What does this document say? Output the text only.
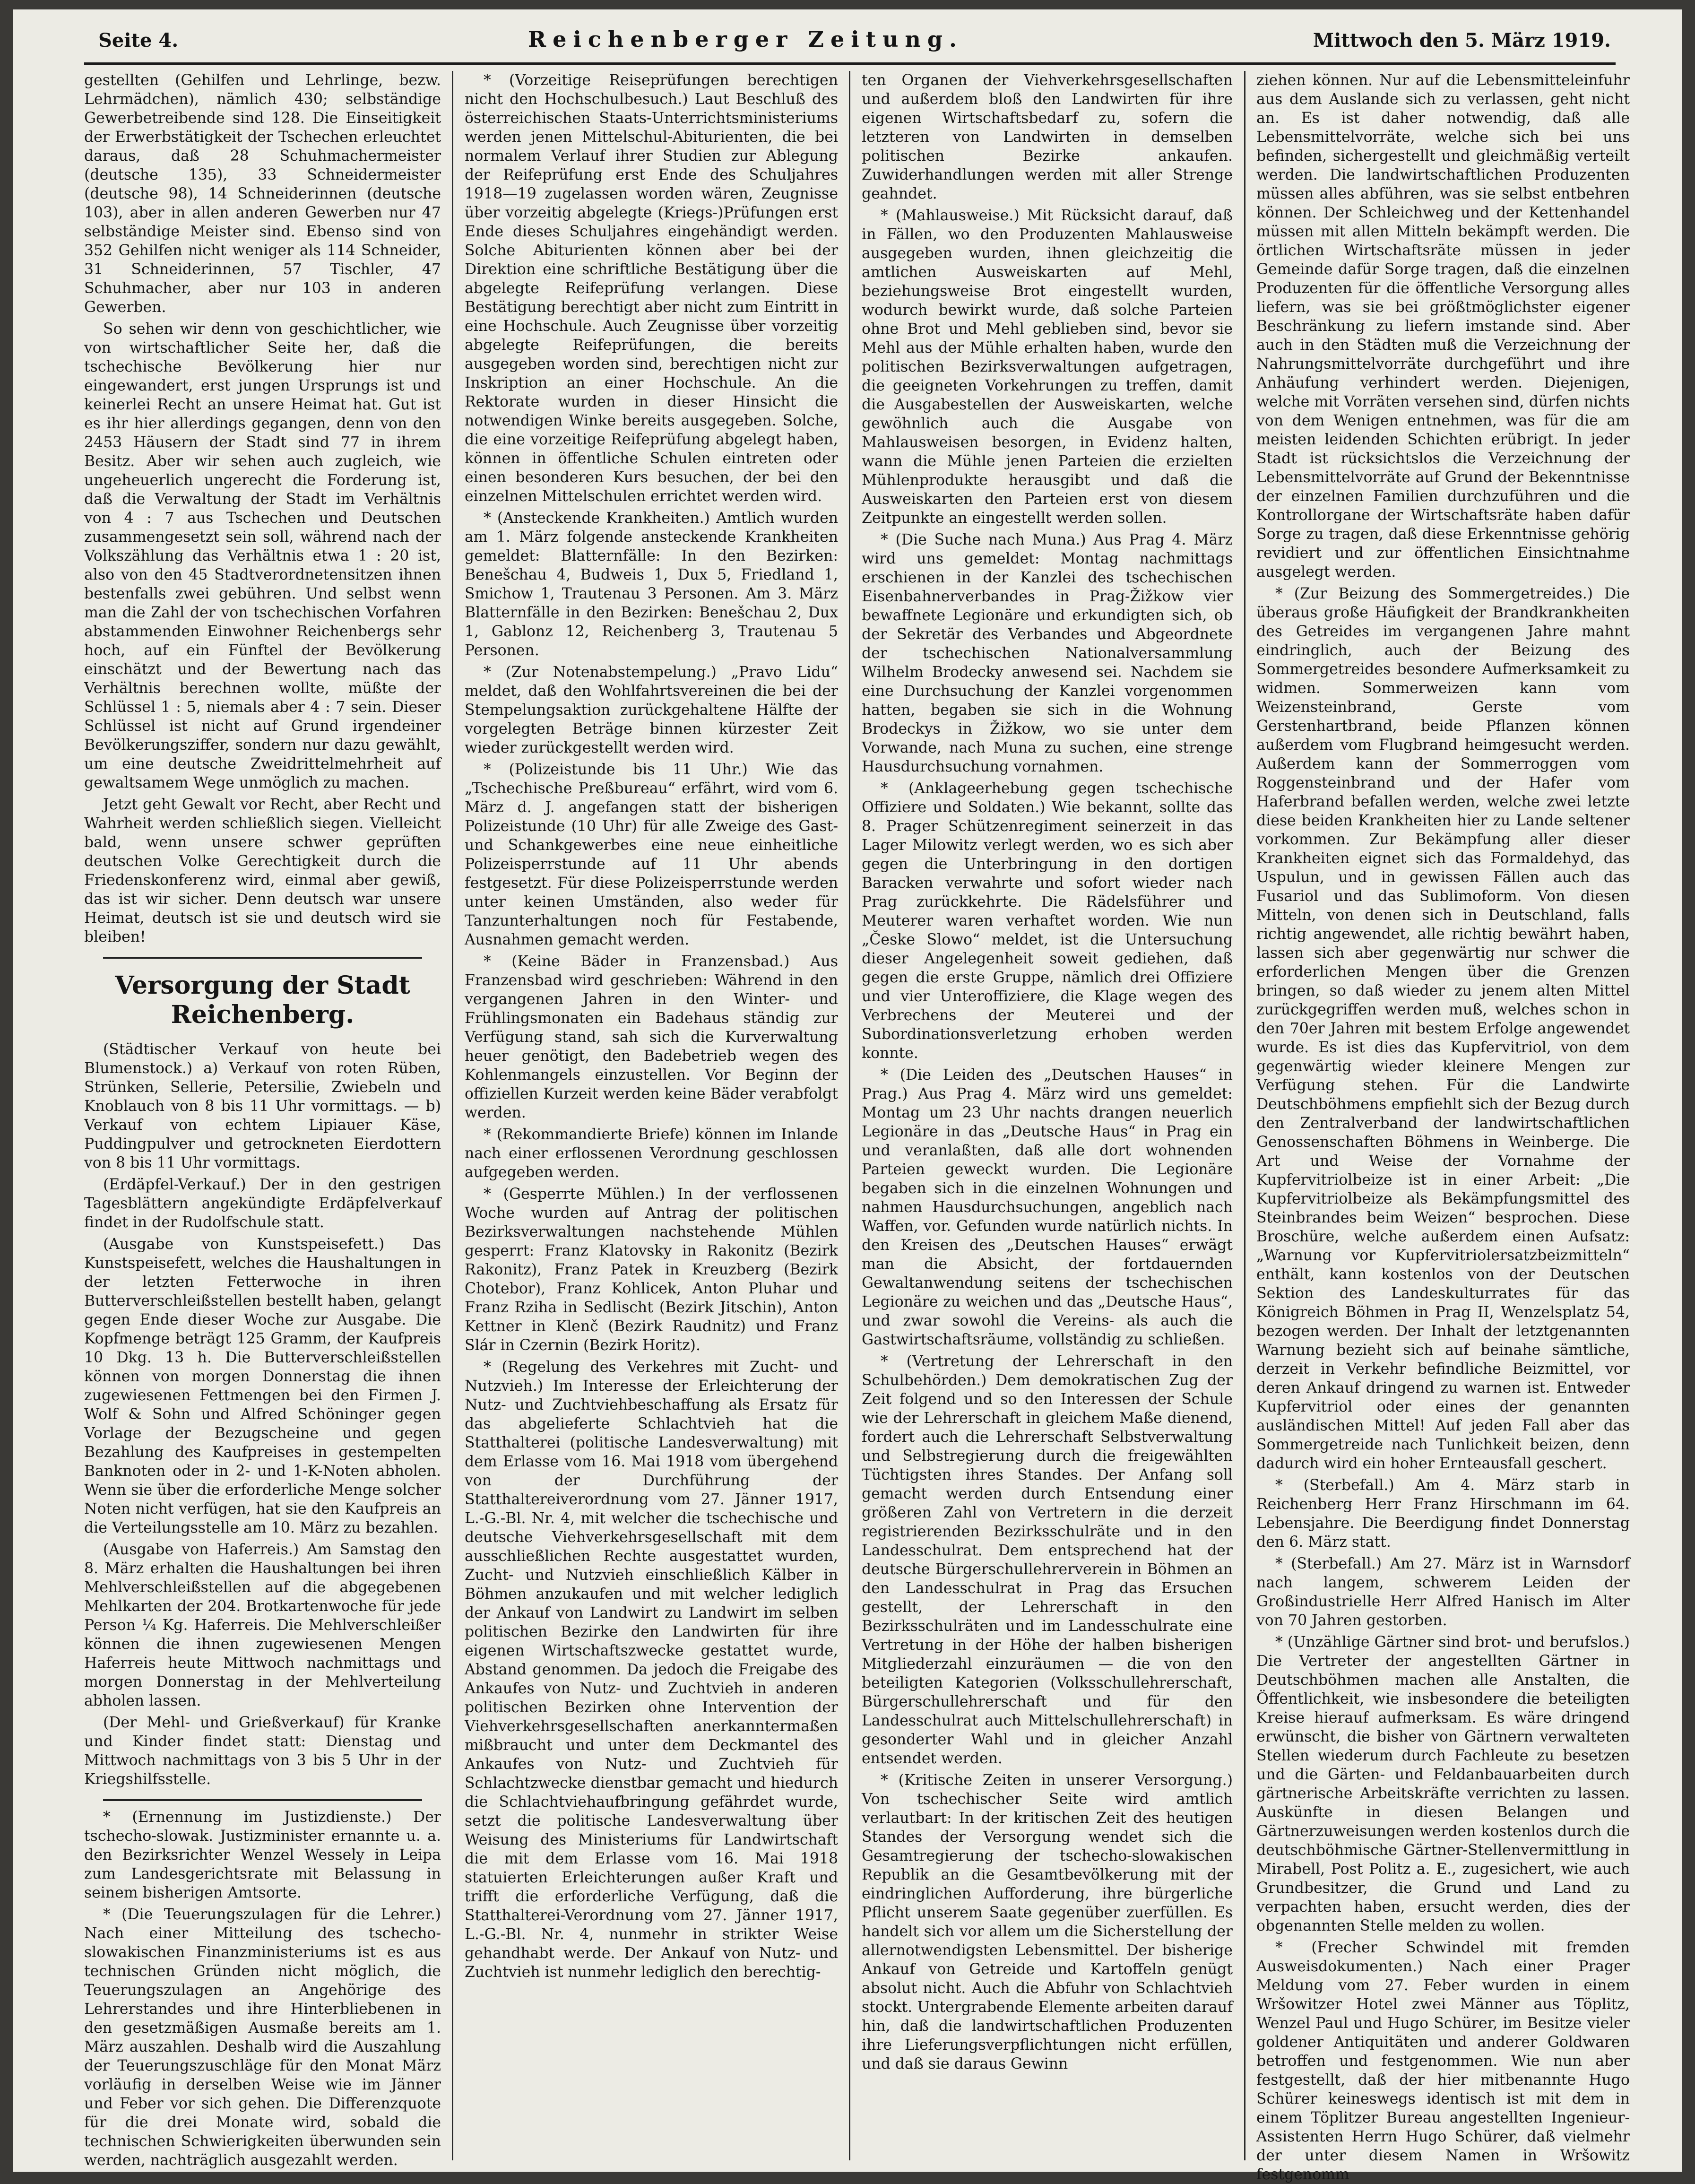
Seite 4.	Reichenberger Zeitung.	Mittwoch den 5. März 1919.

gestellten (Gehilfen und Lehrlinge, bezw. Lehrmädchen), nämlich 430; selbständige Gewerbetreibende sind 128. Die Einseitigkeit der Erwerbstätigkeit der Tschechen erleuchtet daraus, daß 28 Schuhmachermeister (deutsche 135), 33 Schneidermeister (deutsche 98), 14 Schneiderinnen (deutsche 103), aber in allen anderen Gewerben nur 47 selbständige Meister sind. Ebenso sind von 352 Gehilfen nicht weniger als 114 Schneider, 31 Schneiderinnen, 57 Tischler, 47 Schuhmacher, aber nur 103 in anderen Gewerben.

So sehen wir denn von geschichtlicher, wie von wirtschaftlicher Seite her, daß die tschechische Bevölkerung hier nur eingewandert, erst jungen Ursprungs ist und keinerlei Recht an unsere Heimat hat. Gut ist es ihr hier allerdings gegangen, denn von den 2453 Häusern der Stadt sind 77 in ihrem Besitz. Aber wir sehen auch zugleich, wie ungeheuerlich ungerecht die Forderung ist, daß die Verwaltung der Stadt im Verhältnis von 4 : 7 aus Tschechen und Deutschen zusammengesetzt sein soll, während nach der Volkszählung das Verhältnis etwa 1 : 20 ist, also von den 45 Stadtverordnetensitzen ihnen bestenfalls zwei gebühren. Und selbst wenn man die Zahl der von tschechischen Vorfahren abstammenden Einwohner Reichenbergs sehr hoch, auf ein Fünftel der Bevölkerung einschätzt und der Bewertung nach das Verhältnis berechnen wollte, müßte der Schlüssel 1 : 5, niemals aber 4 : 7 sein. Dieser Schlüssel ist nicht auf Grund irgendeiner Bevölkerungsziffer, sondern nur dazu gewählt, um eine deutsche Zweidrittelmehrheit auf gewaltsamem Wege unmöglich zu machen.

Jetzt geht Gewalt vor Recht, aber Recht und Wahrheit werden schließlich siegen. Vielleicht bald, wenn unsere schwer geprüften deutschen Volke Gerechtigkeit durch die Friedenskonferenz wird, einmal aber gewiß, das ist wir sicher. Denn deutsch war unsere Heimat, deutsch ist sie und deutsch wird sie bleiben!

Versorgung der Stadt Reichenberg.

(Städtischer Verkauf von heute bei Blumenstock.) a) Verkauf von roten Rüben, Strünken, Sellerie, Petersilie, Zwiebeln und Knoblauch von 8 bis 11 Uhr vormittags. — b) Verkauf von echtem Lipiauer Käse, Puddingpulver und getrockneten Eierdottern von 8 bis 11 Uhr vormittags.

(Erdäpfel-Verkauf.) Der in den gestrigen Tagesblättern angekündigte Erdäpfelverkauf findet in der Rudolfschule statt.

(Ausgabe von Kunstspeisefett.) Das Kunstspeisefett, welches die Haushaltungen in der letzten Fetterwoche in ihren Butterverschleißstellen bestellt haben, gelangt gegen Ende dieser Woche zur Ausgabe. Die Kopfmenge beträgt 125 Gramm, der Kaufpreis 10 Dkg. 13 h. Die Butterverschleißstellen können von morgen Donnerstag die ihnen zugewiesenen Fettmengen bei den Firmen J. Wolf & Sohn und Alfred Schöninger gegen Vorlage der Bezugscheine und gegen Bezahlung des Kaufpreises in gestempelten Banknoten oder in 2- und 1-K-Noten abholen. Wenn sie über die erforderliche Menge solcher Noten nicht verfügen, hat sie den Kaufpreis an die Verteilungsstelle am 10. März zu bezahlen.

(Ausgabe von Haferreis.) Am Samstag den 8. März erhalten die Haushaltungen bei ihren Mehlverschleißstellen auf die abgegebenen Mehlkarten der 204. Brotkartenwoche für jede Person ¼ Kg. Haferreis. Die Mehlverschleißer können die ihnen zugewiesenen Mengen Haferreis heute Mittwoch nachmittags und morgen Donnerstag in der Mehlverteilung abholen lassen.

(Der Mehl- und Grießverkauf) für Kranke und Kinder findet statt: Dienstag und Mittwoch nachmittags von 3 bis 5 Uhr in der Kriegshilfsstelle.

* (Ernennung im Justizdienste.) Der tschecho-slowak. Justizminister ernannte u. a. den Bezirksrichter Wenzel Wessely in Leipa zum Landesgerichtsrate mit Belassung in seinem bisherigen Amtsorte.

* (Die Teuerungszulagen für die Lehrer.) Nach einer Mitteilung des tschecho-slowakischen Finanzministeriums ist es aus technischen Gründen nicht möglich, die Teuerungszulagen an Angehörige des Lehrerstandes und ihre Hinterbliebenen in den gesetzmäßigen Ausmaße bereits am 1. März auszahlen. Deshalb wird die Auszahlung der Teuerungszuschläge für den Monat März vorläufig in derselben Weise wie im Jänner und Feber vor sich gehen. Die Differenzquote für die drei Monate wird, sobald die technischen Schwierigkeiten überwunden sein werden, nachträglich ausgezahlt werden.

* (Vorzeitige Reiseprüfungen berechtigen nicht den Hochschulbesuch.) Laut Beschluß des österreichischen Staats-Unterrichtsministeriums werden jenen Mittelschul-Abiturienten, die bei normalem Verlauf ihrer Studien zur Ablegung der Reifeprüfung erst Ende des Schuljahres 1918—19 zugelassen worden wären, Zeugnisse über vorzeitig abgelegte (Kriegs-)Prüfungen erst Ende dieses Schuljahres eingehändigt werden. Solche Abiturienten können aber bei der Direktion eine schriftliche Bestätigung über die abgelegte Reifeprüfung verlangen. Diese Bestätigung berechtigt aber nicht zum Eintritt in eine Hochschule. Auch Zeugnisse über vorzeitig abgelegte Reifeprüfungen, die bereits ausgegeben worden sind, berechtigen nicht zur Inskription an einer Hochschule. An die Rektorate wurden in dieser Hinsicht die notwendigen Winke bereits ausgegeben. Solche, die eine vorzeitige Reifeprüfung abgelegt haben, können in öffentliche Schulen eintreten oder einen besonderen Kurs besuchen, der bei den einzelnen Mittelschulen errichtet werden wird.

* (Ansteckende Krankheiten.) Amtlich wurden am 1. März folgende ansteckende Krankheiten gemeldet: Blatternfälle: In den Bezirken: Benešchau 4, Budweis 1, Dux 5, Friedland 1, Smichow 1, Trautenau 3 Personen. Am 3. März Blatternfälle in den Bezirken: Benešchau 2, Dux 1, Gablonz 12, Reichenberg 3, Trautenau 5 Personen.

* (Zur Notenabstempelung.) „Pravo Lidu“ meldet, daß den Wohlfahrtsvereinen die bei der Stempelungsaktion zurückgehaltene Hälfte der vorgelegten Beträge binnen kürzester Zeit wieder zurückgestellt werden wird.

* (Polizeistunde bis 11 Uhr.) Wie das „Tschechische Preßbureau“ erfährt, wird vom 6. März d. J. angefangen statt der bisherigen Polizeistunde (10 Uhr) für alle Zweige des Gast- und Schankgewerbes eine neue einheitliche Polizeisperrstunde auf 11 Uhr abends festgesetzt. Für diese Polizeisperrstunde werden unter keinen Umständen, also weder für Tanzunterhaltungen noch für Festabende, Ausnahmen gemacht werden.

* (Keine Bäder in Franzensbad.) Aus Franzensbad wird geschrieben: Während in den vergangenen Jahren in den Winter- und Frühlingsmonaten ein Badehaus ständig zur Verfügung stand, sah sich die Kurverwaltung heuer genötigt, den Badebetrieb wegen des Kohlenmangels einzustellen. Vor Beginn der offiziellen Kurzeit werden keine Bäder verabfolgt werden.

* (Rekommandierte Briefe) können im Inlande nach einer erflossenen Verordnung geschlossen aufgegeben werden.

* (Gesperrte Mühlen.) In der verflossenen Woche wurden auf Antrag der politischen Bezirksverwaltungen nachstehende Mühlen gesperrt: Franz Klatovsky in Rakonitz (Bezirk Rakonitz), Franz Patek in Kreuzberg (Bezirk Chotebor), Franz Kohlicek, Anton Pluhar und Franz Rziha in Sedlischt (Bezirk Jitschin), Anton Kettner in Klenč (Bezirk Raudnitz) und Franz Slár in Czernin (Bezirk Horitz).

* (Regelung des Verkehres mit Zucht- und Nutzvieh.) Im Interesse der Erleichterung der Nutz- und Zuchtviehbeschaffung als Ersatz für das abgelieferte Schlachtvieh hat die Statthalterei (politische Landesverwaltung) mit dem Erlasse vom 16. Mai 1918 vom übergehend von der Durchführung der Statthaltereiverordnung vom 27. Jänner 1917, L.-G.-Bl. Nr. 4, mit welcher die tschechische und deutsche Viehverkehrsgesellschaft mit dem ausschließlichen Rechte ausgestattet wurden, Zucht- und Nutzvieh einschließlich Kälber in Böhmen anzukaufen und mit welcher lediglich der Ankauf von Landwirt zu Landwirt im selben politischen Bezirke den Landwirten für ihre eigenen Wirtschaftszwecke gestattet wurde, Abstand genommen. Da jedoch die Freigabe des Ankaufes von Nutz- und Zuchtvieh in anderen politischen Bezirken ohne Intervention der Viehverkehrsgesellschaften anerkanntermaßen mißbraucht und unter dem Deckmantel des Ankaufes von Nutz- und Zuchtvieh für Schlachtzwecke dienstbar gemacht und hiedurch die Schlachtviehaufbringung gefährdet wurde, setzt die politische Landesverwaltung über Weisung des Ministeriums für Landwirtschaft die mit dem Erlasse vom 16. Mai 1918 statuierten Erleichterungen außer Kraft und trifft die erforderliche Verfügung, daß die Statthalterei-Verordnung vom 27. Jänner 1917, L.-G.-Bl. Nr. 4, nunmehr in strikter Weise gehandhabt werde. Der Ankauf von Nutz- und Zuchtvieh ist nunmehr lediglich den berechtig-

ten Organen der Viehverkehrsgesellschaften und außerdem bloß den Landwirten für ihre eigenen Wirtschaftsbedarf zu, sofern die letzteren von Landwirten in demselben politischen Bezirke ankaufen. Zuwiderhandlungen werden mit aller Strenge geahndet.

* (Mahlausweise.) Mit Rücksicht darauf, daß in Fällen, wo den Produzenten Mahlausweise ausgegeben wurden, ihnen gleichzeitig die amtlichen Ausweiskarten auf Mehl, beziehungsweise Brot eingestellt wurden, wodurch bewirkt wurde, daß solche Parteien ohne Brot und Mehl geblieben sind, bevor sie Mehl aus der Mühle erhalten haben, wurde den politischen Bezirksverwaltungen aufgetragen, die geeigneten Vorkehrungen zu treffen, damit die Ausgabestellen der Ausweiskarten, welche gewöhnlich auch die Ausgabe von Mahlausweisen besorgen, in Evidenz halten, wann die Mühle jenen Parteien die erzielten Mühlenprodukte herausgibt und daß die Ausweiskarten den Parteien erst von diesem Zeitpunkte an eingestellt werden sollen.

* (Die Suche nach Muna.) Aus Prag 4. März wird uns gemeldet: Montag nachmittags erschienen in der Kanzlei des tschechischen Eisenbahnerverbandes in Prag-Žižkow vier bewaffnete Legionäre und erkundigten sich, ob der Sekretär des Verbandes und Abgeordnete der tschechischen Nationalversammlung Wilhelm Brodecky anwesend sei. Nachdem sie eine Durchsuchung der Kanzlei vorgenommen hatten, begaben sie sich in die Wohnung Brodeckys in Žižkow, wo sie unter dem Vorwande, nach Muna zu suchen, eine strenge Hausdurchsuchung vornahmen.

* (Anklageerhebung gegen tschechische Offiziere und Soldaten.) Wie bekannt, sollte das 8. Prager Schützenregiment seinerzeit in das Lager Milowitz verlegt werden, wo es sich aber gegen die Unterbringung in den dortigen Baracken verwahrte und sofort wieder nach Prag zurückkehrte. Die Rädelsführer und Meuterer waren verhaftet worden. Wie nun „Česke Slowo“ meldet, ist die Untersuchung dieser Angelegenheit soweit gediehen, daß gegen die erste Gruppe, nämlich drei Offiziere und vier Unteroffiziere, die Klage wegen des Verbrechens der Meuterei und der Subordinationsverletzung erhoben werden konnte.

* (Die Leiden des „Deutschen Hauses“ in Prag.) Aus Prag 4. März wird uns gemeldet: Montag um 23 Uhr nachts drangen neuerlich Legionäre in das „Deutsche Haus“ in Prag ein und veranlaßten, daß alle dort wohnenden Parteien geweckt wurden. Die Legionäre begaben sich in die einzelnen Wohnungen und nahmen Hausdurchsuchungen, angeblich nach Waffen, vor. Gefunden wurde natürlich nichts. In den Kreisen des „Deutschen Hauses“ erwägt man die Absicht, der fortdauernden Gewaltanwendung seitens der tschechischen Legionäre zu weichen und das „Deutsche Haus“, und zwar sowohl die Vereins- als auch die Gastwirtschaftsräume, vollständig zu schließen.

* (Vertretung der Lehrerschaft in den Schulbehörden.) Dem demokratischen Zug der Zeit folgend und so den Interessen der Schule wie der Lehrerschaft in gleichem Maße dienend, fordert auch die Lehrerschaft Selbstverwaltung und Selbstregierung durch die freigewählten Tüchtigsten ihres Standes. Der Anfang soll gemacht werden durch Entsendung einer größeren Zahl von Vertretern in die derzeit registrierenden Bezirksschulräte und in den Landesschulrat. Dem entsprechend hat der deutsche Bürgerschullehrerverein in Böhmen an den Landesschulrat in Prag das Ersuchen gestellt, der Lehrerschaft in den Bezirksschulräten und im Landesschulrate eine Vertretung in der Höhe der halben bisherigen Mitgliederzahl einzuräumen — die von den beteiligten Kategorien (Volksschullehrerschaft, Bürgerschullehrerschaft und für den Landesschulrat auch Mittelschullehrerschaft) in gesonderter Wahl und in gleicher Anzahl entsendet werden.

* (Kritische Zeiten in unserer Versorgung.) Von tschechischer Seite wird amtlich verlautbart: In der kritischen Zeit des heutigen Standes der Versorgung wendet sich die Gesamtregierung der tschecho-slowakischen Republik an die Gesamtbevölkerung mit der eindringlichen Aufforderung, ihre bürgerliche Pflicht unserem Saate gegenüber zuerfüllen. Es handelt sich vor allem um die Sicherstellung der allernotwendigsten Lebensmittel. Der bisherige Ankauf von Getreide und Kartoffeln genügt absolut nicht. Auch die Abfuhr von Schlachtvieh stockt. Untergrabende Elemente arbeiten darauf hin, daß die landwirtschaftlichen Produzenten ihre Lieferungsverpflichtungen nicht erfüllen, und daß sie daraus Gewinn

ziehen können. Nur auf die Lebensmitteleinfuhr aus dem Auslande sich zu verlassen, geht nicht an. Es ist daher notwendig, daß alle Lebensmittelvorräte, welche sich bei uns befinden, sichergestellt und gleichmäßig verteilt werden. Die landwirtschaftlichen Produzenten müssen alles abführen, was sie selbst entbehren können. Der Schleichweg und der Kettenhandel müssen mit allen Mitteln bekämpft werden. Die örtlichen Wirtschaftsräte müssen in jeder Gemeinde dafür Sorge tragen, daß die einzelnen Produzenten für die öffentliche Versorgung alles liefern, was sie bei größtmöglichster eigener Beschränkung zu liefern imstande sind. Aber auch in den Städten muß die Verzeichnung der Nahrungsmittelvorräte durchgeführt und ihre Anhäufung verhindert werden. Diejenigen, welche mit Vorräten versehen sind, dürfen nichts von dem Wenigen entnehmen, was für die am meisten leidenden Schichten erübrigt. In jeder Stadt ist rücksichtslos die Verzeichnung der Lebensmittelvorräte auf Grund der Bekenntnisse der einzelnen Familien durchzuführen und die Kontrollorgane der Wirtschaftsräte haben dafür Sorge zu tragen, daß diese Erkenntnisse gehörig revidiert und zur öffentlichen Einsichtnahme ausgelegt werden.

* (Zur Beizung des Sommergetreides.) Die überaus große Häufigkeit der Brandkrankheiten des Getreides im vergangenen Jahre mahnt eindringlich, auch der Beizung des Sommergetreides besondere Aufmerksamkeit zu widmen. Sommerweizen kann vom Weizensteinbrand, Gerste vom Gerstenhartbrand, beide Pflanzen können außerdem vom Flugbrand heimgesucht werden. Außerdem kann der Sommerroggen vom Roggensteinbrand und der Hafer vom Haferbrand befallen werden, welche zwei letzte diese beiden Krankheiten hier zu Lande seltener vorkommen. Zur Bekämpfung aller dieser Krankheiten eignet sich das Formaldehyd, das Uspulun, und in gewissen Fällen auch das Fusariol und das Sublimoform. Von diesen Mitteln, von denen sich in Deutschland, falls richtig angewendet, alle richtig bewährt haben, lassen sich aber gegenwärtig nur schwer die erforderlichen Mengen über die Grenzen bringen, so daß wieder zu jenem alten Mittel zurückgegriffen werden muß, welches schon in den 70er Jahren mit bestem Erfolge angewendet wurde. Es ist dies das Kupfervitriol, von dem gegenwärtig wieder kleinere Mengen zur Verfügung stehen. Für die Landwirte Deutschböhmens empfiehlt sich der Bezug durch den Zentralverband der landwirtschaftlichen Genossenschaften Böhmens in Weinberge. Die Art und Weise der Vornahme der Kupfervitriolbeize ist in einer Arbeit: „Die Kupfervitriolbeize als Bekämpfungsmittel des Steinbrandes beim Weizen“ besprochen. Diese Broschüre, welche außerdem einen Aufsatz: „Warnung vor Kupfervitriolersatzbeizmitteln“ enthält, kann kostenlos von der Deutschen Sektion des Landeskulturrates für das Königreich Böhmen in Prag II, Wenzelsplatz 54, bezogen werden. Der Inhalt der letztgenannten Warnung bezieht sich auf beinahe sämtliche, derzeit in Verkehr befindliche Beizmittel, vor deren Ankauf dringend zu warnen ist. Entweder Kupfervitriol oder eines der genannten ausländischen Mittel! Auf jeden Fall aber das Sommergetreide nach Tunlichkeit beizen, denn dadurch wird ein hoher Ernteausfall geschert.

* (Sterbefall.) Am 4. März starb in Reichenberg Herr Franz Hirschmann im 64. Lebensjahre. Die Beerdigung findet Donnerstag den 6. März statt.

* (Sterbefall.) Am 27. März ist in Warnsdorf nach langem, schwerem Leiden der Großindustrielle Herr Alfred Hanisch im Alter von 70 Jahren gestorben.

* (Unzählige Gärtner sind brot- und berufslos.) Die Vertreter der angestellten Gärtner in Deutschböhmen machen alle Anstalten, die Öffentlichkeit, wie insbesondere die beteiligten Kreise hierauf aufmerksam. Es wäre dringend erwünscht, die bisher von Gärtnern verwalteten Stellen wiederum durch Fachleute zu besetzen und die Gärten- und Feldanbauarbeiten durch gärtnerische Arbeitskräfte verrichten zu lassen. Auskünfte in diesen Belangen und Gärtnerzuweisungen werden kostenlos durch die deutschböhmische Gärtner-Stellenvermittlung in Mirabell, Post Politz a. E., zugesichert, wie auch Grundbesitzer, die Grund und Land zu verpachten haben, ersucht werden, dies der obgenannten Stelle melden zu wollen.

* (Frecher Schwindel mit fremden Ausweisdokumenten.) Nach einer Prager Meldung vom 27. Feber wurden in einem Wršowitzer Hotel zwei Männer aus Töplitz, Wenzel Paul und Hugo Schürer, im Besitze vieler goldener Antiquitäten und anderer Goldwaren betroffen und festgenommen. Wie nun aber festgestellt, daß der hier mitbenannte Hugo Schürer keineswegs identisch ist mit dem in einem Töplitzer Bureau angestellten Ingenieur-Assistenten Herrn Hugo Schürer, daß vielmehr der unter diesem Namen in Wršowitz festgenomm
